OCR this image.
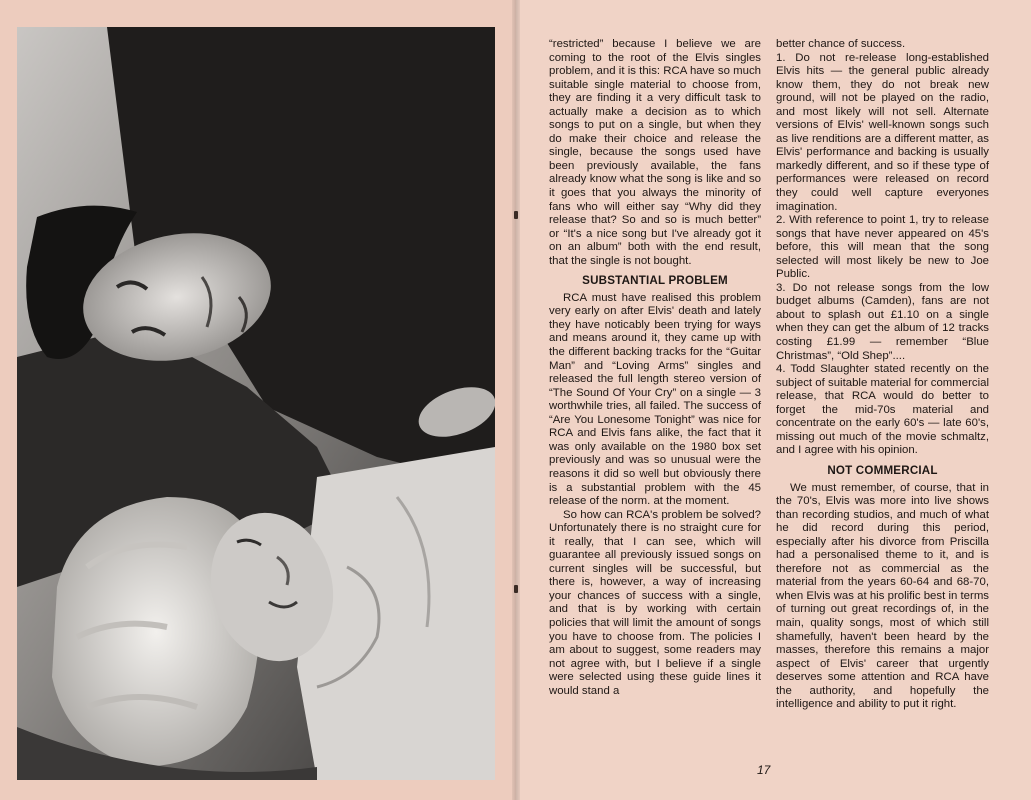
“restricted” because I believe we are coming to the root of the Elvis singles problem, and it is this: RCA have so much suitable single material to choose from, they are finding it a very difficult task to actually make a decision as to which songs to put on a single, but when they do make their choice and release the single, because the songs used have been previously available, the fans already know what the song is like and so it goes that you always the minority of fans who will either say “Why did they release that? So and so is much better” or “It's a nice song but I've already got it on an album” both with the end result, that the single is not bought.

SUBSTANTIAL PROBLEM

RCA must have realised this problem very early on after Elvis' death and lately they have noticably been trying for ways and means around it, they came up with the different backing tracks for the “Guitar Man” and “Loving Arms” singles and released the full length stereo version of “The Sound Of Your Cry” on a single — 3 worthwhile tries, all failed. The success of “Are You Lonesome Tonight” was nice for RCA and Elvis fans alike, the fact that it was only available on the 1980 box set previously and was so unusual were the reasons it did so well but obviously there is a substantial problem with the 45 release of the norm. at the moment.

So how can RCA's problem be solved? Unfortunately there is no straight cure for it really, that I can see, which will guarantee all previously issued songs on current singles will be successful, but there is, however, a way of increasing your chances of success with a single, and that is by working with certain policies that will limit the amount of songs you have to choose from. The policies I am about to suggest, some readers may not agree with, but I believe if a single were selected using these guide lines it would stand a

better chance of success.

1. Do not re-release long-established Elvis hits — the general public already know them, they do not break new ground, will not be played on the radio, and most likely will not sell. Alternate versions of Elvis' well-known songs such as live renditions are a different matter, as Elvis' performance and backing is usually markedly different, and so if these type of performances were released on record they could well capture everyones imagination.

2. With reference to point 1, try to release songs that have never appeared on 45's before, this will mean that the song selected will most likely be new to Joe Public.

3. Do not release songs from the low budget albums (Camden), fans are not about to splash out £1.10 on a single when they can get the album of 12 tracks costing £1.99 — remember “Blue Christmas”, “Old Shep”....

4. Todd Slaughter stated recently on the subject of suitable material for commercial release, that RCA would do better to forget the mid-70s material and concentrate on the early 60's — late 60's, missing out much of the movie schmaltz, and I agree with his opinion.

NOT COMMERCIAL

We must remember, of course, that in the 70's, Elvis was more into live shows than recording studios, and much of what he did record during this period, especially after his divorce from Priscilla had a personalised theme to it, and is therefore not as commercial as the material from the years 60-64 and 68-70, when Elvis was at his prolific best in terms of turning out great recordings of, in the main, quality songs, most of which still shamefully, haven't been heard by the masses, therefore this remains a major aspect of Elvis' career that urgently deserves some attention and RCA have the authority, and hopefully the intelligence and ability to put it right.

17
